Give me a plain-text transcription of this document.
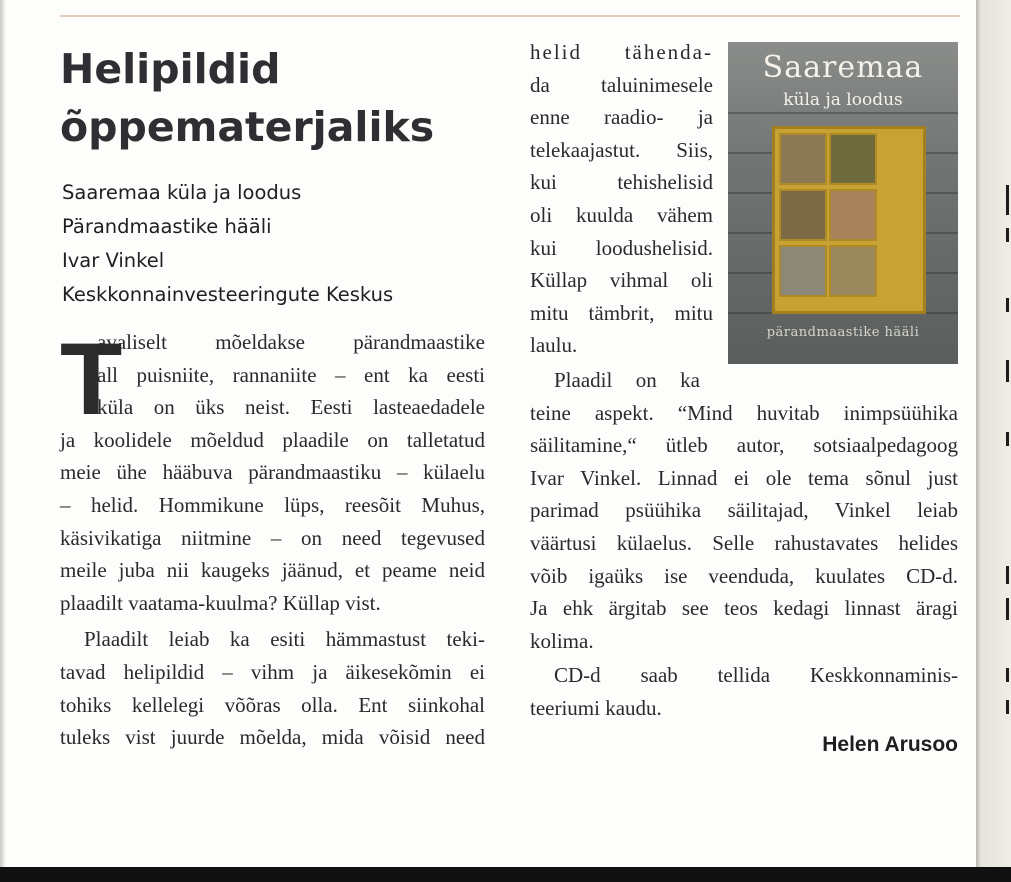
Helipildid
õppematerjaliks
Saaremaa küla ja loodus
Pärandmaastike hääli
Ivar Vinkel
Keskkonnainvesteeringute Keskus
T
avaliselt mõeldakse pärandmaastike
all puisniite, rannaniite – ent ka eesti
küla on üks neist. Eesti lasteaedadele
ja koolidele mõeldud plaadile on talletatud
meie ühe hääbuva pärandmaastiku – külaelu
– helid. Hommikune lüps, reesõit Muhus,
käsivikatiga niitmine – on need tegevused
meile juba nii kaugeks jäänud, et peame neid
plaadilt vaatama-kuulma? Küllap vist.
Plaadilt leiab ka esiti hämmastust teki-
tavad helipildid – vihm ja äikesekõmin ei
tohiks kellelegi võõras olla. Ent siinkohal
tuleks vist juurde mõelda, mida võisid need
helid tähenda-
da taluinimesele
enne raadio- ja
telekaajastut. Siis,
kui tehishelisid
oli kuulda vähem
kui loodushelisid.
Küllap vihmal oli
mitu tämbrit, mitu
laulu.
Plaadil on ka
teine aspekt. “Mind huvitab inimpsüühika
säilitamine,“ ütleb autor, sotsiaalpedagoog
Ivar Vinkel. Linnad ei ole tema sõnul just
parimad psüühika säilitajad, Vinkel leiab
väärtusi külaelus. Selle rahustavates helides
võib igaüks ise veenduda, kuulates CD-d.
Ja ehk ärgitab see teos kedagi linnast äragi
kolima.
CD-d saab tellida Keskkonnaminis-
teeriumi kaudu.
Saaremaa
küla ja loodus
pärandmaastike hääli
Helen Arusoo
